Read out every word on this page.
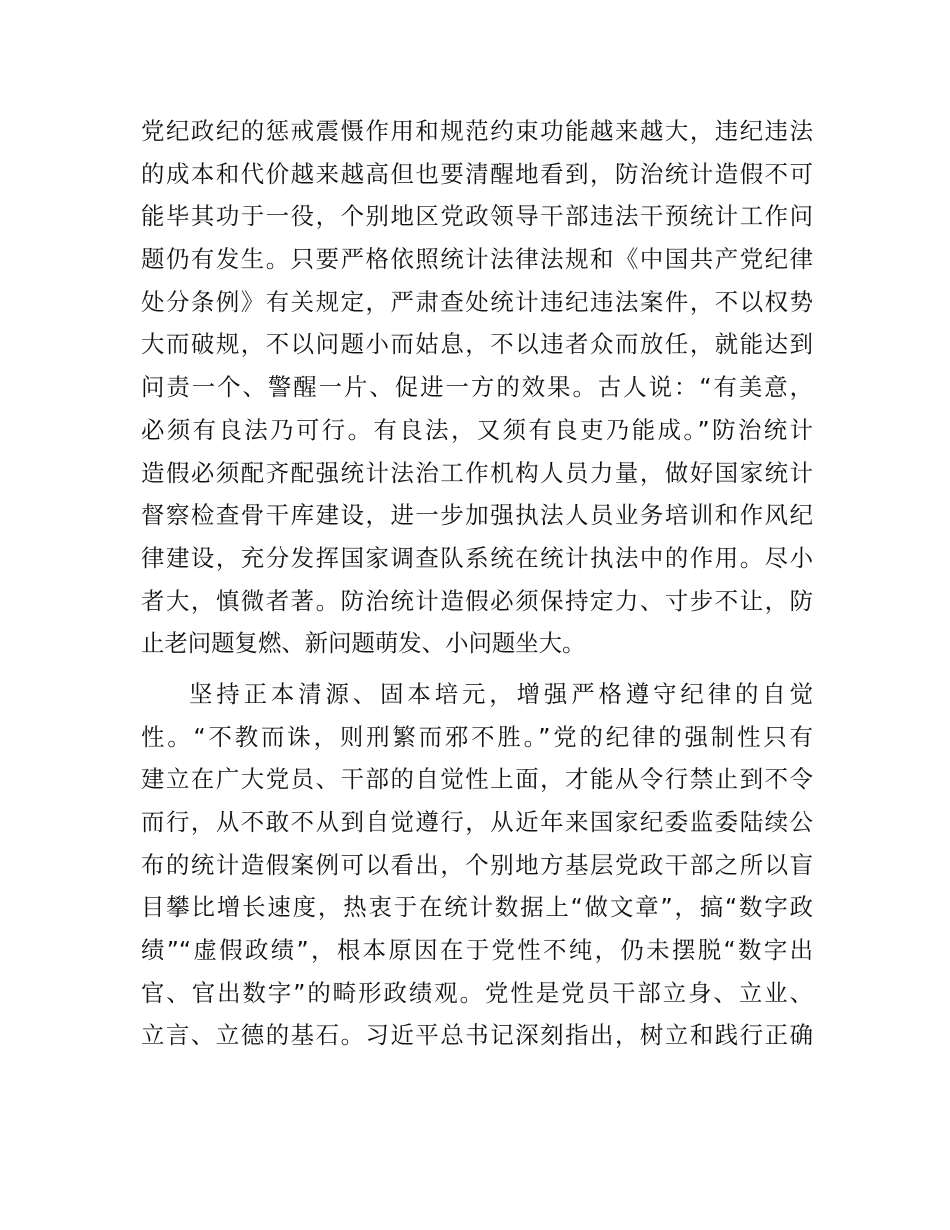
党纪政纪的惩戒震慑作用和规范约束功能越来越大，违纪违法
的成本和代价越来越高但也要清醒地看到，防治统计造假不可
能毕其功于一役，个别地区党政领导干部违法干预统计工作问
题仍有发生。只要严格依照统计法律法规和《中国共产党纪律
处分条例》有关规定，严肃查处统计违纪违法案件，不以权势
大而破规，不以问题小而姑息，不以违者众而放任，就能达到
问责一个、警醒一片、促进一方的效果。古人说：“有美意，
必须有良法乃可行。有良法，又须有良吏乃能成。”防治统计
造假必须配齐配强统计法治工作机构人员力量，做好国家统计
督察检查骨干库建设，进一步加强执法人员业务培训和作风纪
律建设，充分发挥国家调查队系统在统计执法中的作用。尽小
者大，慎微者著。防治统计造假必须保持定力、寸步不让，防
止老问题复燃、新问题萌发、小问题坐大。
坚持正本清源、固本培元，增强严格遵守纪律的自觉
性。“不教而诛，则刑繁而邪不胜。”党的纪律的强制性只有
建立在广大党员、干部的自觉性上面，才能从令行禁止到不令
而行，从不敢不从到自觉遵行，从近年来国家纪委监委陆续公
布的统计造假案例可以看出，个别地方基层党政干部之所以盲
目攀比增长速度，热衷于在统计数据上“做文章”，搞“数字政
绩”“虚假政绩”，根本原因在于党性不纯，仍未摆脱“数字出
官、官出数字”的畸形政绩观。党性是党员干部立身、立业、
立言、立德的基石。习近平总书记深刻指出，树立和践行正确
